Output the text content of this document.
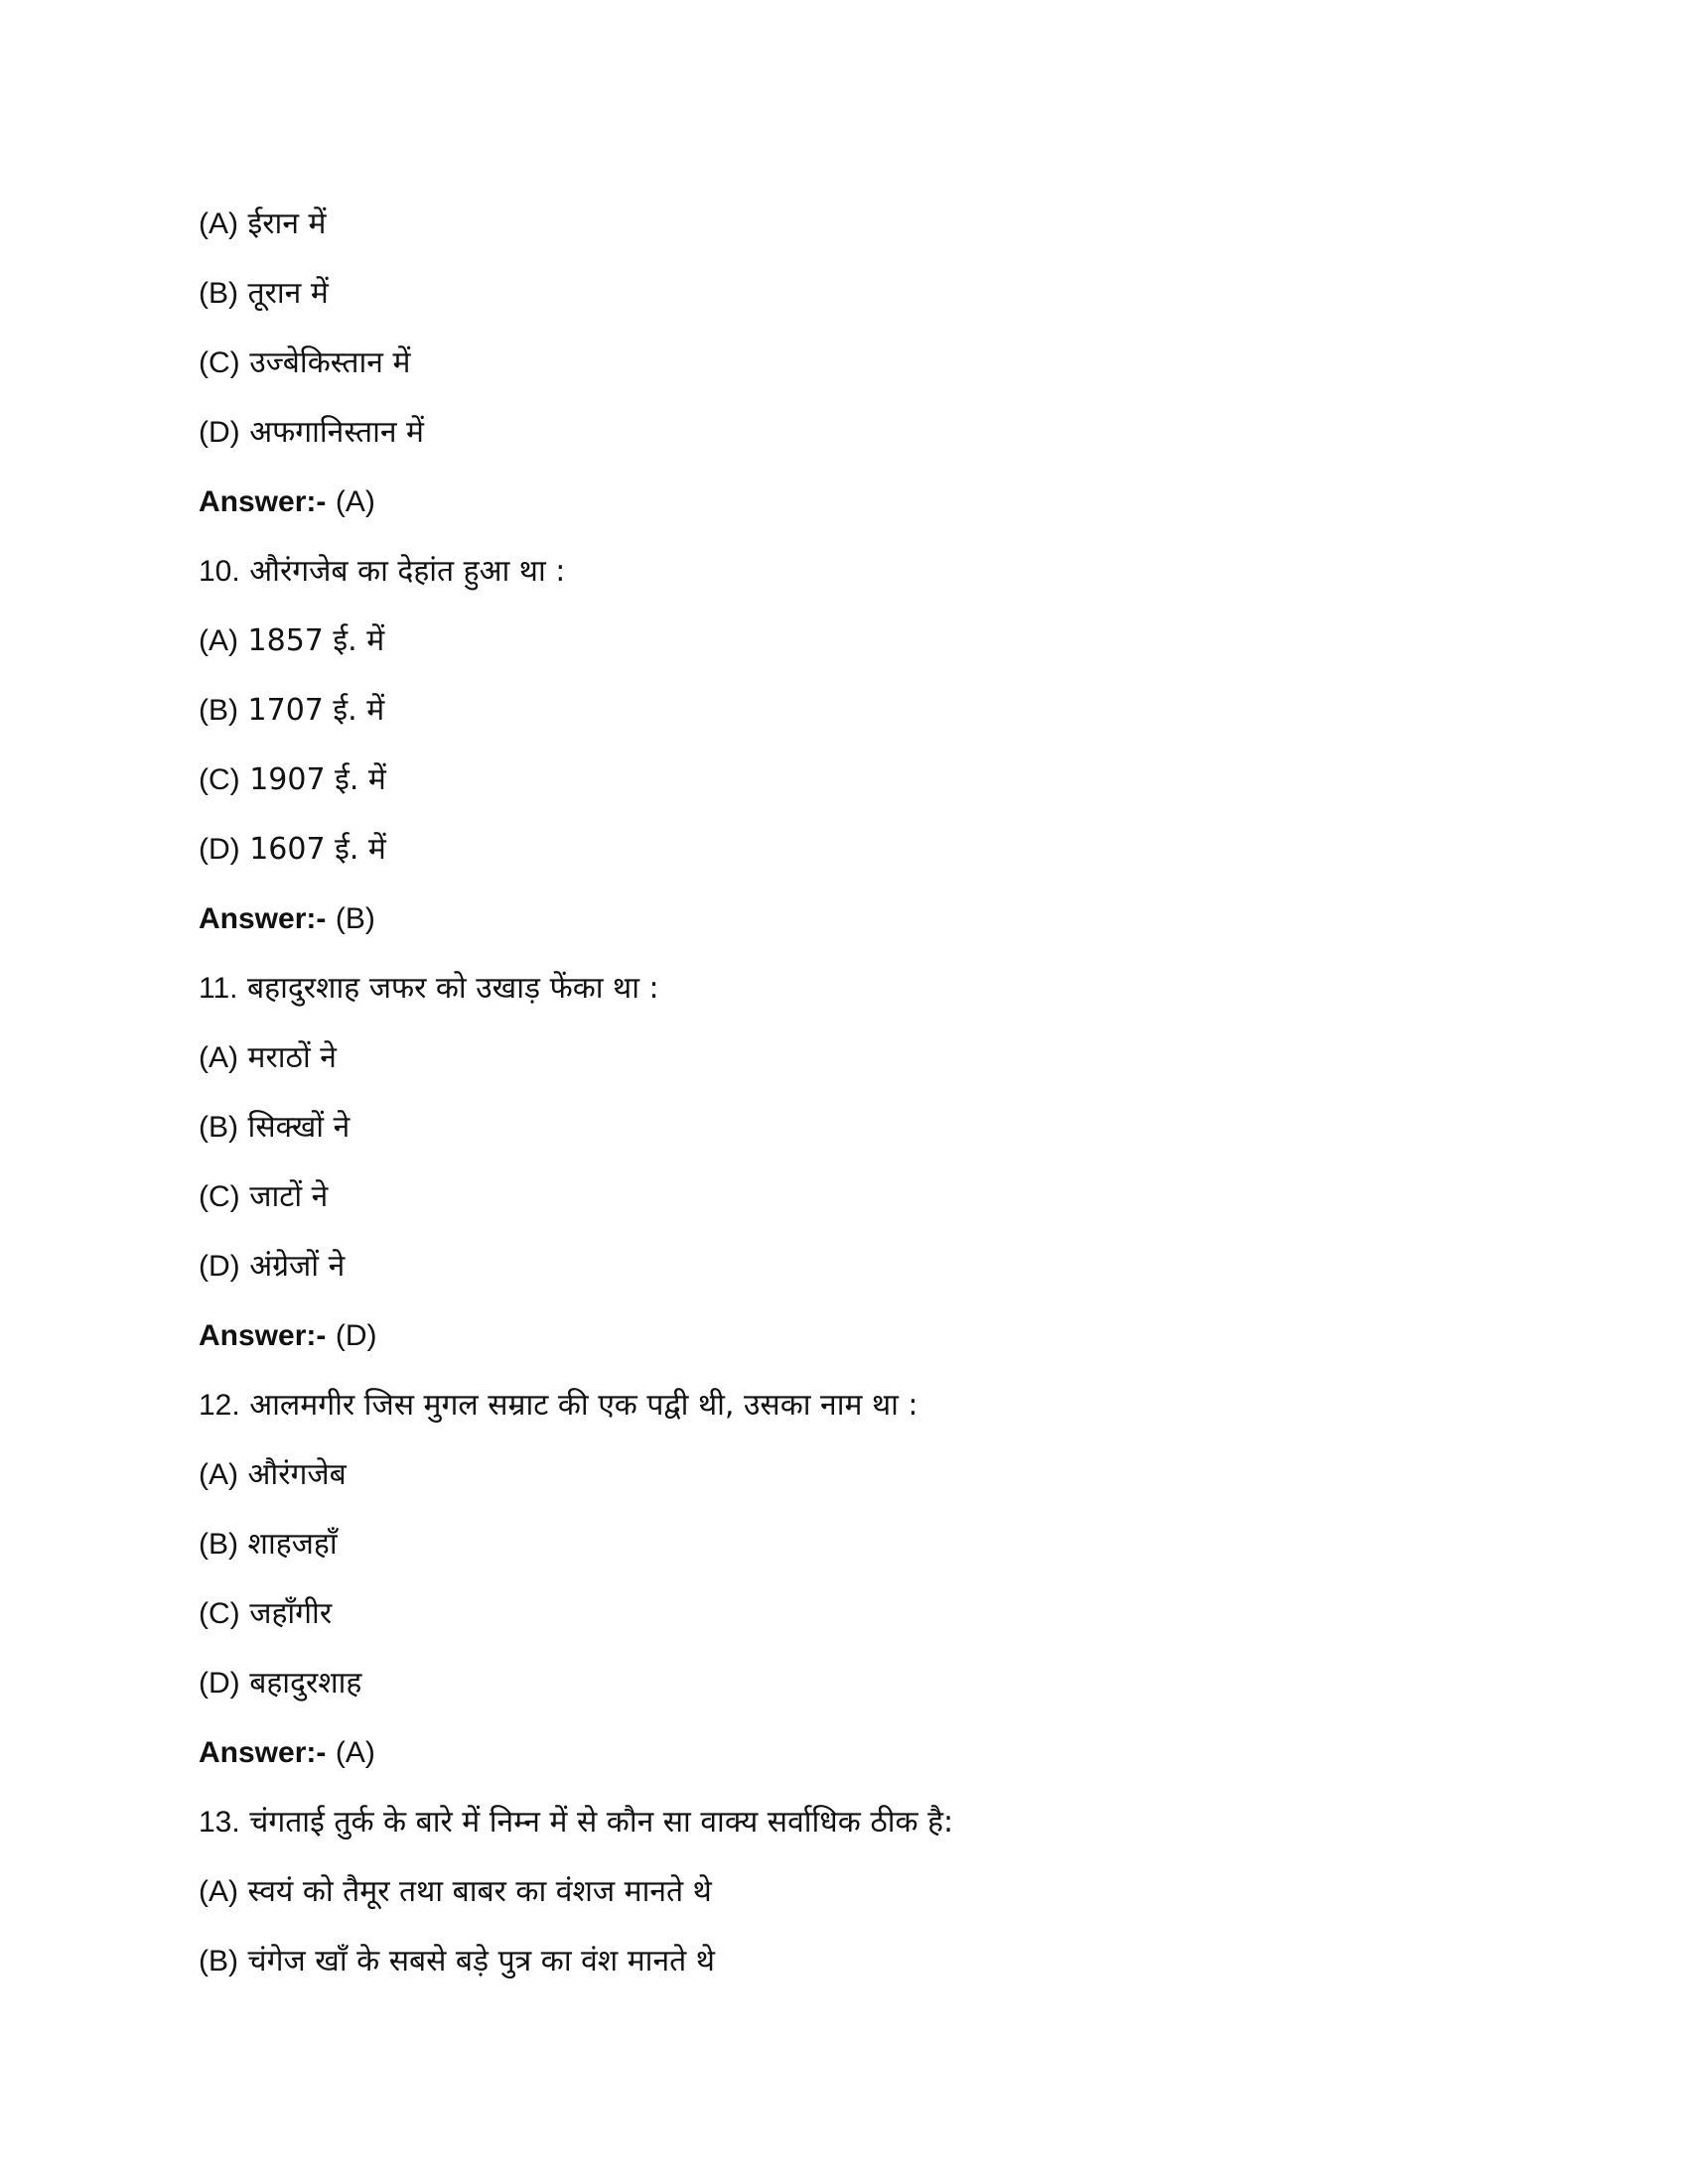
(A) ईरान में
(B) तूरान में
(C) उज्बेकिस्तान में
(D) अफगानिस्तान में
Answer:- (A)
10. औरंगजेब का देहांत हुआ था :
(A) 1857 ई. में
(B) 1707 ई. में
(C) 1907 ई. में
(D) 1607 ई. में
Answer:- (B)
11. बहादुरशाह जफर को उखाड़ फेंका था :
(A) मराठों ने
(B) सिक्खों ने
(C) जाटों ने
(D) अंग्रेजों ने
Answer:- (D)
12. आलमगीर जिस मुगल सम्राट की एक पद्वी थी, उसका नाम था :
(A) औरंगजेब
(B) शाहजहाँ
(C) जहाँगीर
(D) बहादुरशाह
Answer:- (A)
13. चंगताई तुर्क के बारे में निम्न में से कौन सा वाक्य सर्वाधिक ठीक है:
(A) स्वयं को तैमूर तथा बाबर का वंशज मानते थे
(B) चंगेज खाँ के सबसे बड़े पुत्र का वंश मानते थे
